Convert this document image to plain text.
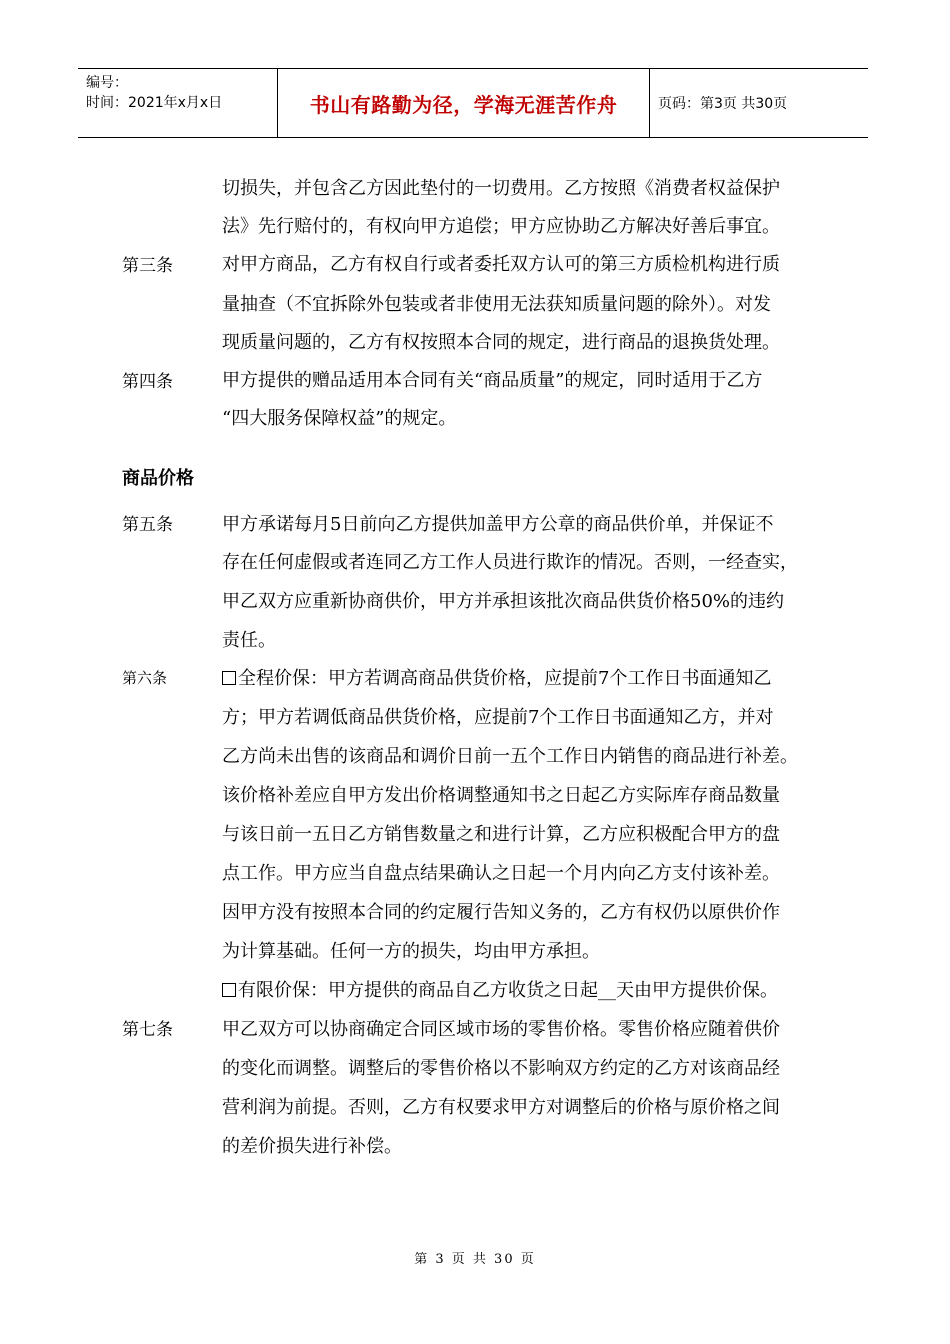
编号：
时间：2021年x月x日	书山有路勤为径，学海无涯苦作舟	页码：第3页 共30页
切损失，并包含乙方因此垫付的一切费用。乙方按照《消费者权益保护
法》先行赔付的，有权向甲方追偿；甲方应协助乙方解决好善后事宜。
第三条	对甲方商品，乙方有权自行或者委托双方认可的第三方质检机构进行质
量抽查（不宜拆除外包装或者非使用无法获知质量问题的除外）。对发
现质量问题的，乙方有权按照本合同的规定，进行商品的退换货处理。
第四条	甲方提供的赠品适用本合同有关“商品质量”的规定，同时适用于乙方
“四大服务保障权益”的规定。
商品价格
第五条	甲方承诺每月5日前向乙方提供加盖甲方公章的商品供价单，并保证不
存在任何虚假或者连同乙方工作人员进行欺诈的情况。否则，一经查实，
甲乙双方应重新协商供价，甲方并承担该批次商品供货价格50%的违约
责任。
第六条	全程价保：甲方若调高商品供货价格，应提前7个工作日书面通知乙
方；甲方若调低商品供货价格，应提前7个工作日书面通知乙方，并对
乙方尚未出售的该商品和调价日前一五个工作日内销售的商品进行补差。
该价格补差应自甲方发出价格调整通知书之日起乙方实际库存商品数量
与该日前一五日乙方销售数量之和进行计算，乙方应积极配合甲方的盘
点工作。甲方应当自盘点结果确认之日起一个月内向乙方支付该补差。
因甲方没有按照本合同的约定履行告知义务的，乙方有权仍以原供价作
为计算基础。任何一方的损失，均由甲方承担。
有限价保：甲方提供的商品自乙方收货之日起__天由甲方提供价保。
第七条	甲乙双方可以协商确定合同区域市场的零售价格。零售价格应随着供价
的变化而调整。调整后的零售价格以不影响双方约定的乙方对该商品经
营利润为前提。否则，乙方有权要求甲方对调整后的价格与原价格之间
的差价损失进行补偿。
第 3 页 共 30 页
